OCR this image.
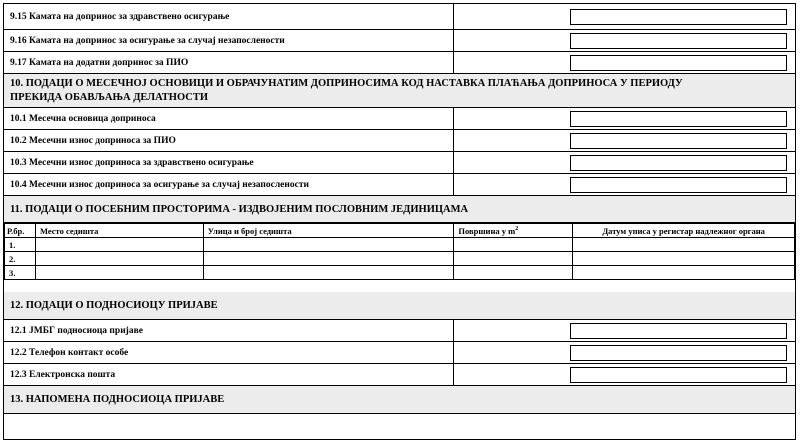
9.15 Камата на допринос за здравствено осигурање
9.16 Камата на допринос за осигурање за случај незапослености
9.17 Камата на додатни допринос за ПИО
10. ПОДАЦИ О МЕСЕЧНОЈ ОСНОВИЦИ И ОБРАЧУНАТИМ ДОПРИНОСИМА КОД НАСТАВКА ПЛАЋАЊА ДОПРИНОСА У ПЕРИОДУ
ПРЕКИДА ОБАВЉАЊА ДЕЛАТНОСТИ
10.1 Месечна основица доприноса
10.2 Месечни износ доприноса за ПИО
10.3 Месечни износ доприноса за здравствено осигурање
10.4 Месечни износ доприноса за осигурање за случај незапослености
11. ПОДАЦИ О ПОСЕБНИМ ПРОСТОРИМА - ИЗДВОЈЕНИМ ПОСЛОВНИМ ЈЕДИНИЦАМА
Р.бр.	Место седишта	Улица и број седишта	Површина у $m^2$	Датум уписа у регистар надлежног органа
1.				
2.				
3.				
12. ПОДАЦИ О ПОДНОСИОЦУ ПРИЈАВЕ
12.1 ЈМБГ подносиоца пријаве
12.2 Телефон контакт особе
12.3 Електронска пошта
13. НАПОМЕНА ПОДНОСИОЦА ПРИЈАВЕ
